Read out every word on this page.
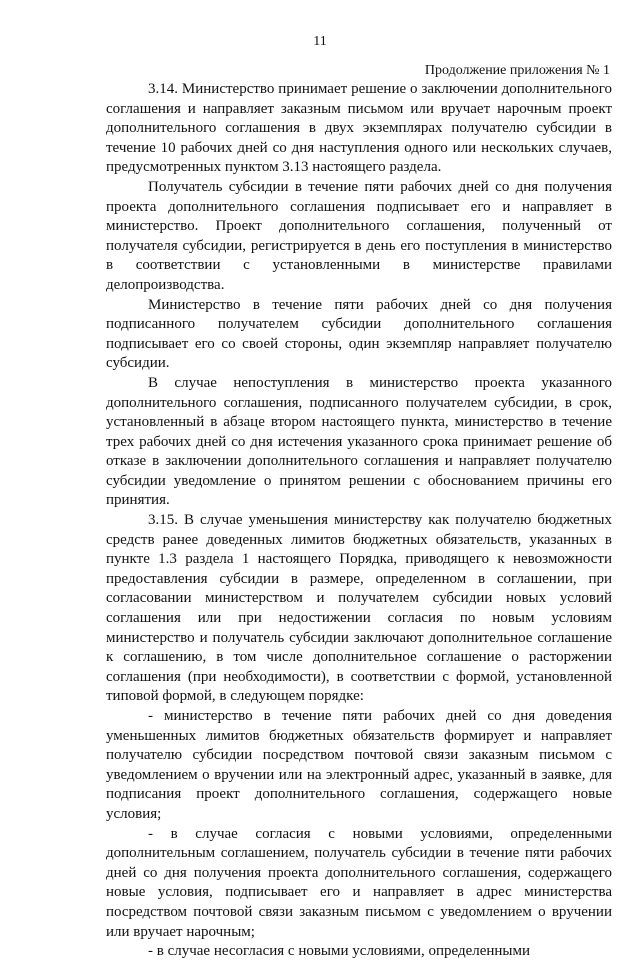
11
Продолжение приложения № 1

3.14. Министерство принимает решение о заключении дополнительного соглашения и направляет заказным письмом или вручает нарочным проект дополнительного соглашения в двух экземплярах получателю субсидии в течение 10 рабочих дней со дня наступления одного или нескольких случаев, предусмотренных пунктом 3.13 настоящего раздела.

Получатель субсидии в течение пяти рабочих дней со дня получения проекта дополнительного соглашения подписывает его и направляет в министерство. Проект дополнительного соглашения, полученный от получателя субсидии, регистрируется в день его поступления в министерство в соответствии с установленными в министерстве правилами делопроизводства.

Министерство в течение пяти рабочих дней со дня получения подписанного получателем субсидии дополнительного соглашения подписывает его со своей стороны, один экземпляр направляет получателю субсидии.

В случае непоступления в министерство проекта указанного дополнительного соглашения, подписанного получателем субсидии, в срок, установленный в абзаце втором настоящего пункта, министерство в течение трех рабочих дней со дня истечения указанного срока принимает решение об отказе в заключении дополнительного соглашения и направляет получателю субсидии уведомление о принятом решении с обоснованием причины его принятия.

3.15. В случае уменьшения министерству как получателю бюджетных средств ранее доведенных лимитов бюджетных обязательств, указанных в пункте 1.3 раздела 1 настоящего Порядка, приводящего к невозможности предоставления субсидии в размере, определенном в соглашении, при согласовании министерством и получателем субсидии новых условий соглашения или при недостижении согласия по новым условиям министерство и получатель субсидии заключают дополнительное соглашение к соглашению, в том числе дополнительное соглашение о расторжении соглашения (при необходимости), в соответствии с формой, установленной типовой формой, в следующем порядке:

- министерство в течение пяти рабочих дней со дня доведения уменьшенных лимитов бюджетных обязательств формирует и направляет получателю субсидии посредством почтовой связи заказным письмом с уведомлением о вручении или на электронный адрес, указанный в заявке, для подписания проект дополнительного соглашения, содержащего новые условия;

- в случае согласия с новыми условиями, определенными дополнительным соглашением, получатель субсидии в течение пяти рабочих дней со дня получения проекта дополнительного соглашения, содержащего новые условия, подписывает его и направляет в адрес министерства посредством почтовой связи заказным письмом с уведомлением о вручении или вручает нарочным;

- в случае несогласия с новыми условиями, определенными
